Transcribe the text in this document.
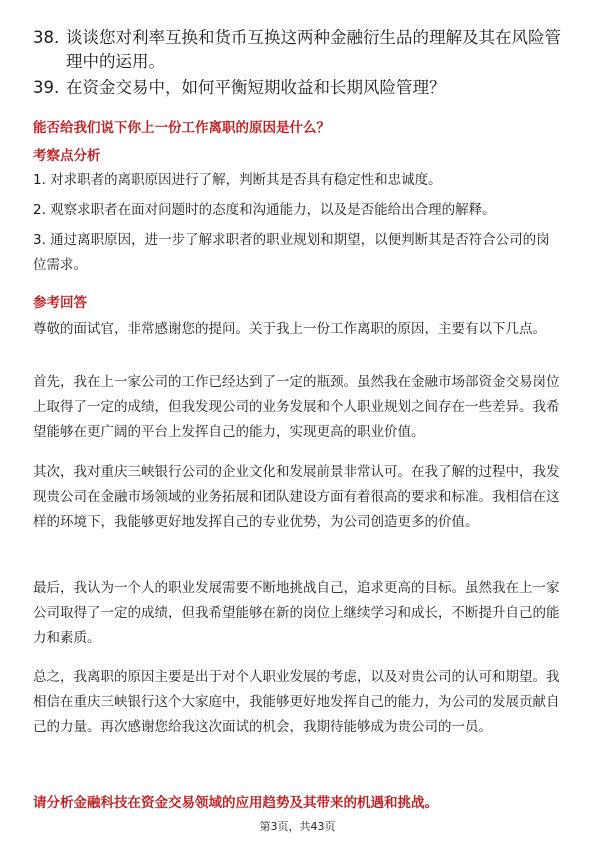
38. 谈谈您对利率互换和货币互换这两种金融衍生品的理解及其在风险管理中的运用。
39. 在资金交易中，如何平衡短期收益和长期风险管理？
能否给我们说下你上一份工作离职的原因是什么？
考察点分析
1. 对求职者的离职原因进行了解，判断其是否具有稳定性和忠诚度。
2. 观察求职者在面对问题时的态度和沟通能力，以及是否能给出合理的解释。
3. 通过离职原因，进一步了解求职者的职业规划和期望，以便判断其是否符合公司的岗位需求。
参考回答
尊敬的面试官，非常感谢您的提问。关于我上一份工作离职的原因，主要有以下几点。
首先，我在上一家公司的工作已经达到了一定的瓶颈。虽然我在金融市场部资金交易岗位上取得了一定的成绩，但我发现公司的业务发展和个人职业规划之间存在一些差异。我希望能够在更广阔的平台上发挥自己的能力，实现更高的职业价值。
其次，我对重庆三峡银行公司的企业文化和发展前景非常认可。在我了解的过程中，我发现贵公司在金融市场领域的业务拓展和团队建设方面有着很高的要求和标准。我相信在这样的环境下，我能够更好地发挥自己的专业优势，为公司创造更多的价值。
最后，我认为一个人的职业发展需要不断地挑战自己，追求更高的目标。虽然我在上一家公司取得了一定的成绩，但我希望能够在新的岗位上继续学习和成长，不断提升自己的能力和素质。
总之，我离职的原因主要是出于对个人职业发展的考虑，以及对贵公司的认可和期望。我相信在重庆三峡银行这个大家庭中，我能够更好地发挥自己的能力，为公司的发展贡献自己的力量。再次感谢您给我这次面试的机会，我期待能够成为贵公司的一员。
请分析金融科技在资金交易领域的应用趋势及其带来的机遇和挑战。
第3页，共43页
